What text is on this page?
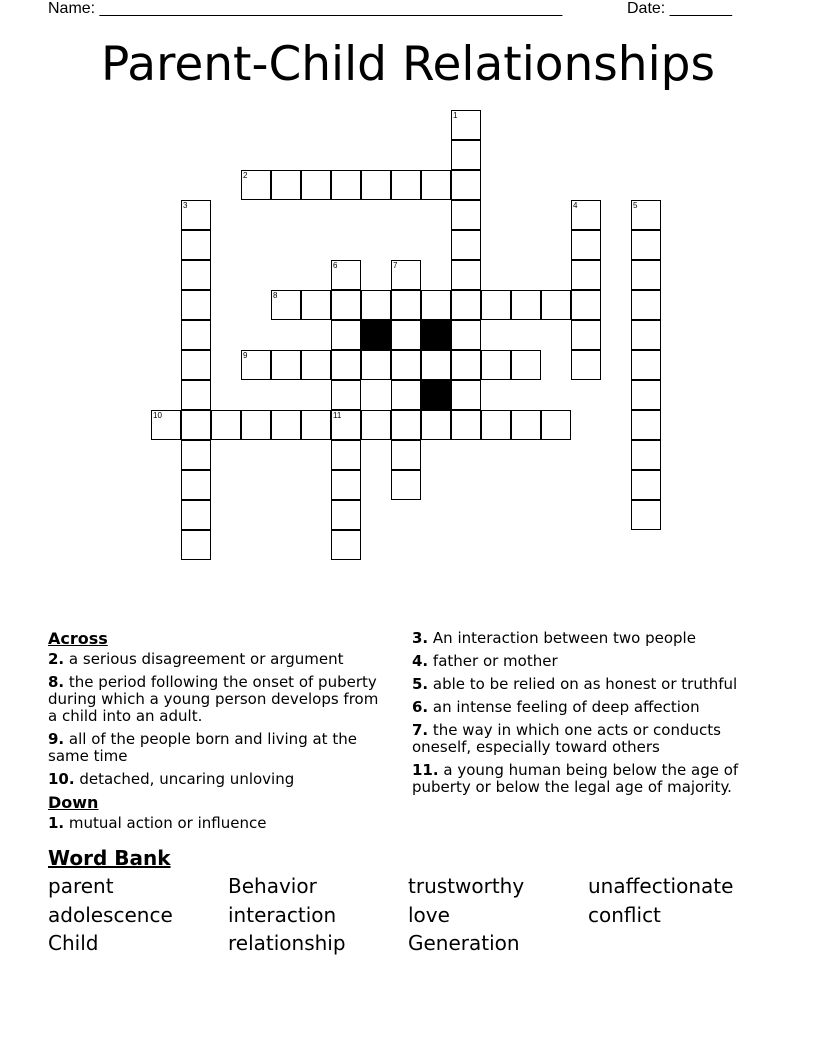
Name: ____________________________________________________	Date: _______
Parent-Child Relationships
1
2
3	4	5
6	7
8
9
10	11
Across
2. a serious disagreement or argument
8. the period following the onset of puberty during which a young person develops from a child into an adult.
9. all of the people born and living at the same time
10. detached, uncaring unloving
Down
1. mutual action or influence
3. An interaction between two people
4. father or mother
5. able to be relied on as honest or truthful
6. an intense feeling of deep affection
7. the way in which one acts or conducts oneself, especially toward others
11. a young human being below the age of puberty or below the legal age of majority.
Word Bank
parent	Behavior	trustworthy	unaffectionate
adolescence	interaction	love	conflict
Child	relationship	Generation
